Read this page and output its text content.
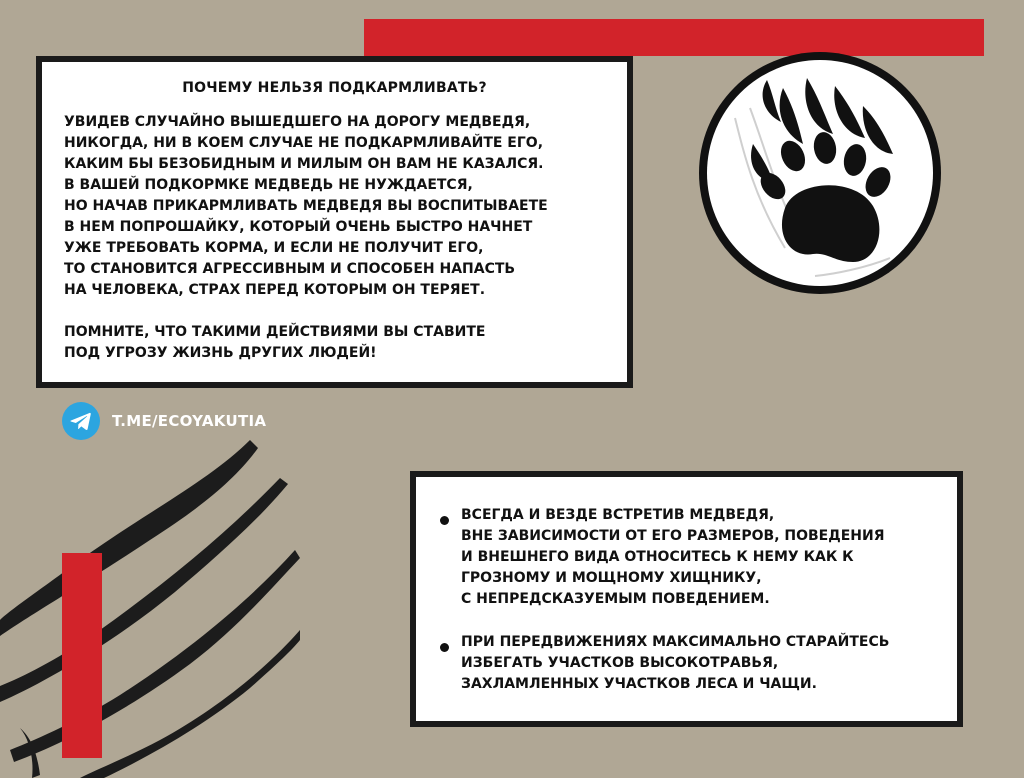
ПОЧЕМУ НЕЛЬЗЯ ПОДКАРМЛИВАТЬ?

УВИДЕВ СЛУЧАЙНО ВЫШЕДШЕГО НА ДОРОГУ МЕДВЕДЯ,
НИКОГДА, НИ В КОЕМ СЛУЧАЕ НЕ ПОДКАРМЛИВАЙТЕ ЕГО,
КАКИМ БЫ БЕЗОБИДНЫМ И МИЛЫМ ОН ВАМ НЕ КАЗАЛСЯ.
В ВАШЕЙ ПОДКОРМКЕ МЕДВЕДЬ НЕ НУЖДАЕТСЯ,
НО НАЧАВ ПРИКАРМЛИВАТЬ МЕДВЕДЯ ВЫ ВОСПИТЫВАЕТЕ
В НЕМ ПОПРОШАЙКУ, КОТОРЫЙ ОЧЕНЬ БЫСТРО НАЧНЕТ
УЖЕ ТРЕБОВАТЬ КОРМА, И ЕСЛИ НЕ ПОЛУЧИТ ЕГО,
ТО СТАНОВИТСЯ АГРЕССИВНЫМ И СПОСОБЕН НАПАСТЬ
НА ЧЕЛОВЕКА, СТРАХ ПЕРЕД КОТОРЫМ ОН ТЕРЯЕТ.

ПОМНИТЕ, ЧТО ТАКИМИ ДЕЙСТВИЯМИ ВЫ СТАВИТЕ
ПОД УГРОЗУ ЖИЗНЬ ДРУГИХ ЛЮДЕЙ!

T.ME/ECOYAKUTIA

ВСЕГДА И ВЕЗДЕ ВСТРЕТИВ МЕДВЕДЯ,
ВНЕ ЗАВИСИМОСТИ ОТ ЕГО РАЗМЕРОВ, ПОВЕДЕНИЯ
И ВНЕШНЕГО ВИДА ОТНОСИТЕСЬ К НЕМУ КАК К
ГРОЗНОМУ И МОЩНОМУ ХИЩНИКУ,
С НЕПРЕДСКАЗУЕМЫМ ПОВЕДЕНИЕМ.

ПРИ ПЕРЕДВИЖЕНИЯХ МАКСИМАЛЬНО СТАРАЙТЕСЬ
ИЗБЕГАТЬ УЧАСТКОВ ВЫСОКОТРАВЬЯ,
ЗАХЛАМЛЕННЫХ УЧАСТКОВ ЛЕСА И ЧАЩИ.
